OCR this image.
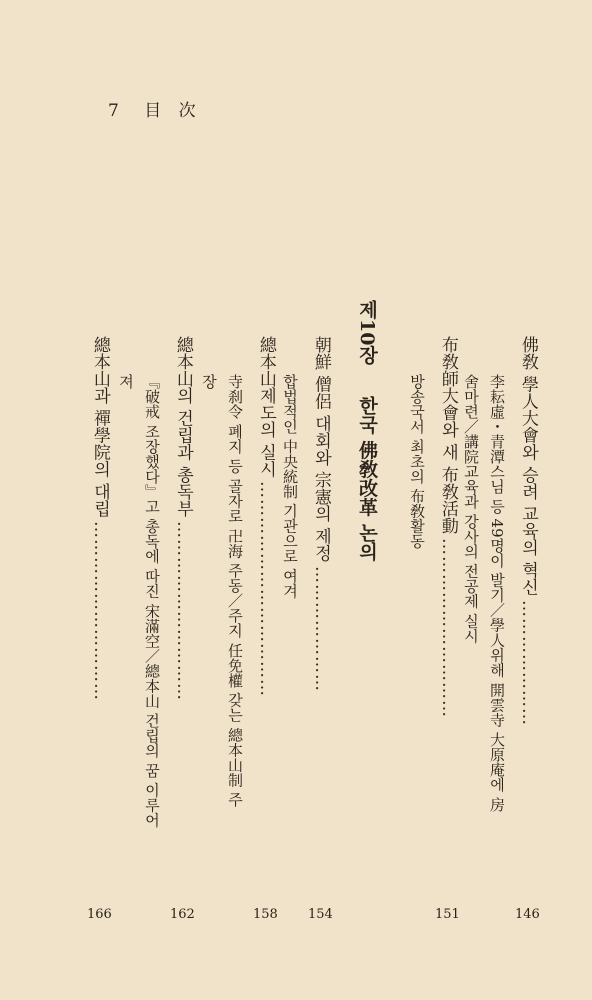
7 目 次
佛敎 學人大會와 승려 교육의 혁신
…………………
146
李耘虛・青潭스님 등 49명이 발기／學人위해 開雲寺 大原庵에 房
舍마련／講院교육과 강사의 전공제 실시
布敎師大會와 새 布敎活動
…………………………
151
방송국서 최초의 布敎활동
제10장  한국 佛敎改革 논의
朝鮮 僧侶 대회와 宗憲의 제정
…………………
154
합법적인 中央統制 기관으로 여겨
總本山제도의 실시
………………………………
158
寺刹令 폐지 등 골자로 卍海 주동／주지 任免權 갖는 總本山制 주
장
總本山의 건립과 총독부
…………………………
162
『破戒 조장했다』고 총독에 따진 宋滿空／總本山 건립의 꿈 이루어
져
總本山과 禪學院의 대립
…………………………
166
